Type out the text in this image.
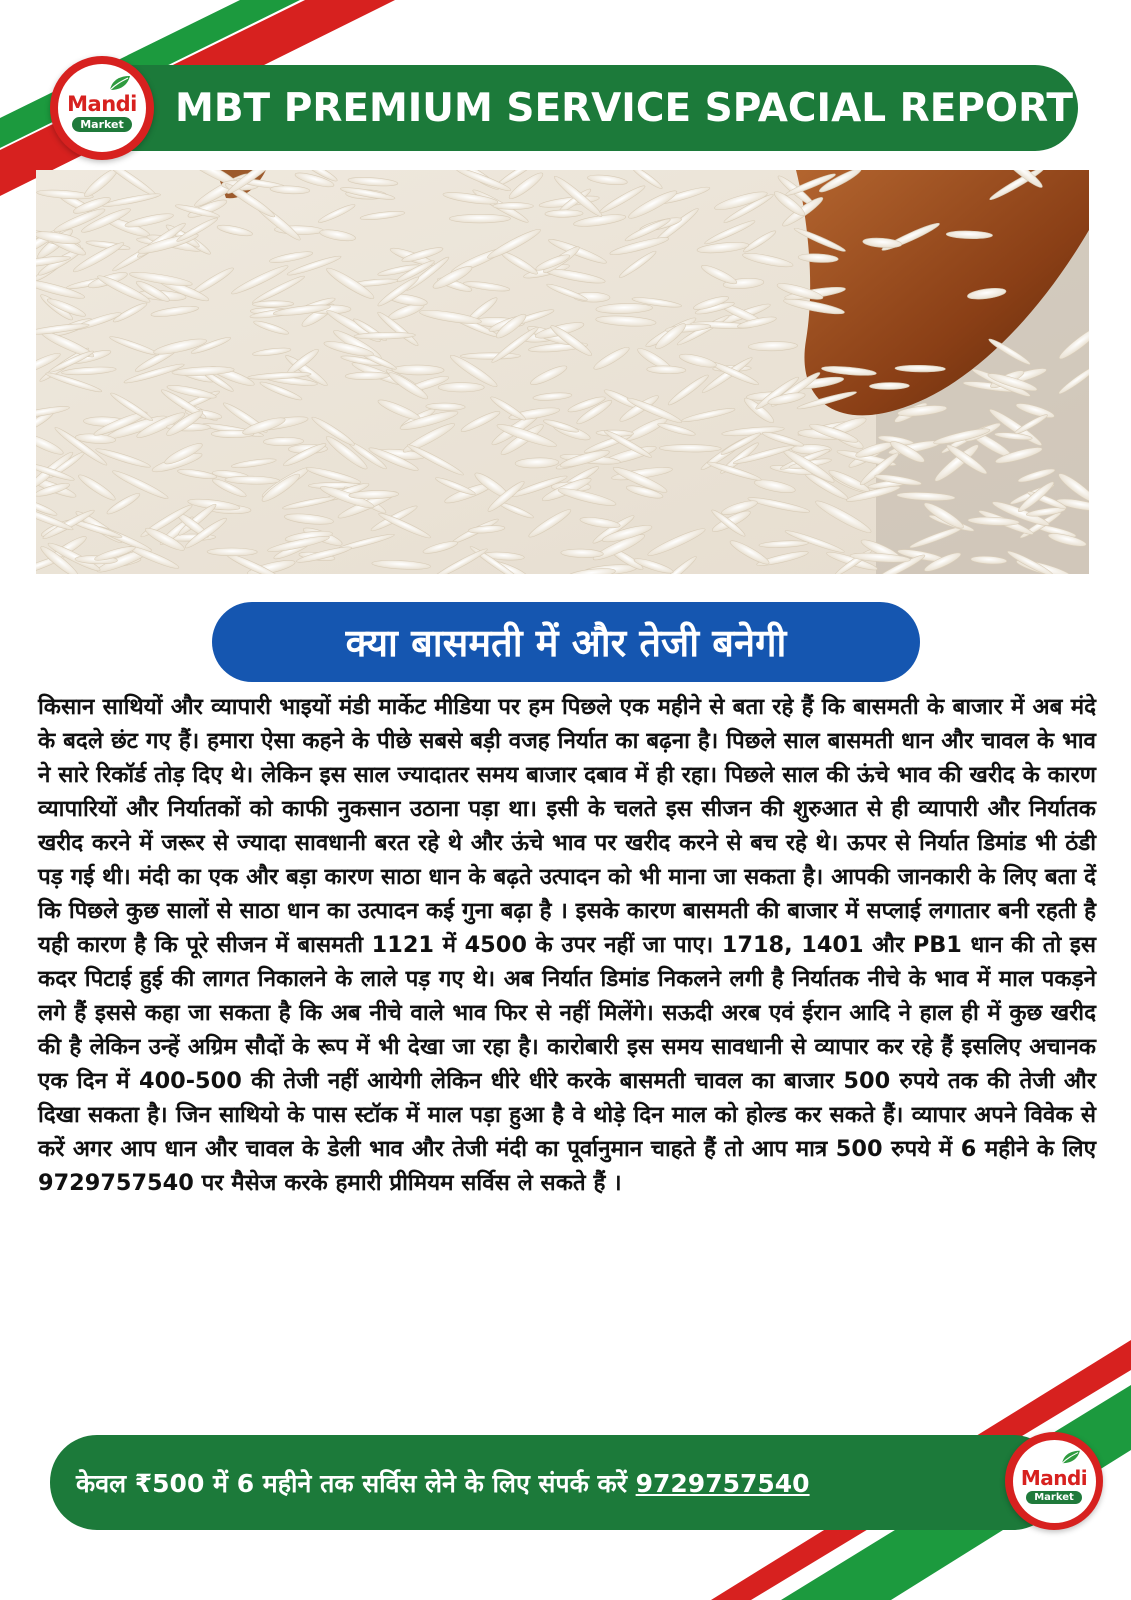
MBT PREMIUM SERVICE SPACIAL REPORT
Mandi
Market
क्या बासमती में और तेजी बनेगी

किसान साथियों और व्यापारी भाइयों मंडी मार्केट मीडिया पर हम पिछले एक महीने से बता रहे हैं कि बासमती के बाजार में अब मंदे के बदले छंट गए हैं। हमारा ऐसा कहने के पीछे सबसे बड़ी वजह निर्यात का बढ़ना है। पिछले साल बासमती धान और चावल के भाव ने सारे रिकॉर्ड तोड़ दिए थे। लेकिन इस साल ज्यादातर समय बाजार दबाव में ही रहा। पिछले साल की ऊंचे भाव की खरीद के कारण व्यापारियों और निर्यातकों को काफी नुकसान उठाना पड़ा था। इसी के चलते इस सीजन की शुरुआत से ही व्यापारी और निर्यातक खरीद करने में जरूर से ज्यादा सावधानी बरत रहे थे और ऊंचे भाव पर खरीद करने से बच रहे थे। ऊपर से निर्यात डिमांड भी ठंडी पड़ गई थी। मंदी का एक और बड़ा कारण साठा धान के बढ़ते उत्पादन को भी माना जा सकता है। आपकी जानकारी के लिए बता दें कि पिछले कुछ सालों से साठा धान का उत्पादन कई गुना बढ़ा है । इसके कारण बासमती की बाजार में सप्लाई लगातार बनी रहती है यही कारण है कि पूरे सीजन में बासमती 1121 में 4500 के उपर नहीं जा पाए। 1718, 1401 और PB1 धान की तो इस कदर पिटाई हुई की लागत निकालने के लाले पड़ गए थे। अब निर्यात डिमांड निकलने लगी है निर्यातक नीचे के भाव में माल पकड़ने लगे हैं इससे कहा जा सकता है कि अब नीचे वाले भाव फिर से नहीं मिलेंगे। सऊदी अरब एवं ईरान आदि ने हाल ही में कुछ खरीद की है लेकिन उन्हें अग्रिम सौदों के रूप में भी देखा जा रहा है। कारोबारी इस समय सावधानी से व्यापार कर रहे हैं इसलिए अचानक एक दिन में 400-500 की तेजी नहीं आयेगी लेकिन धीरे धीरे करके बासमती चावल का बाजार 500 रुपये तक की तेजी और दिखा सकता है। जिन साथियो के पास स्टॉक में माल पड़ा हुआ है वे थोड़े दिन माल को होल्ड कर सकते हैं। व्यापार अपने विवेक से करें अगर आप धान और चावल के डेली भाव और तेजी मंदी का पूर्वानुमान चाहते हैं तो आप मात्र 500 रुपये में 6 महीने के लिए 9729757540 पर मैसेज करके हमारी प्रीमियम सर्विस ले सकते हैं ।

केवल ₹500 में 6 महीने तक सर्विस लेने के लिए संपर्क करें 9729757540	Mandi
Market
